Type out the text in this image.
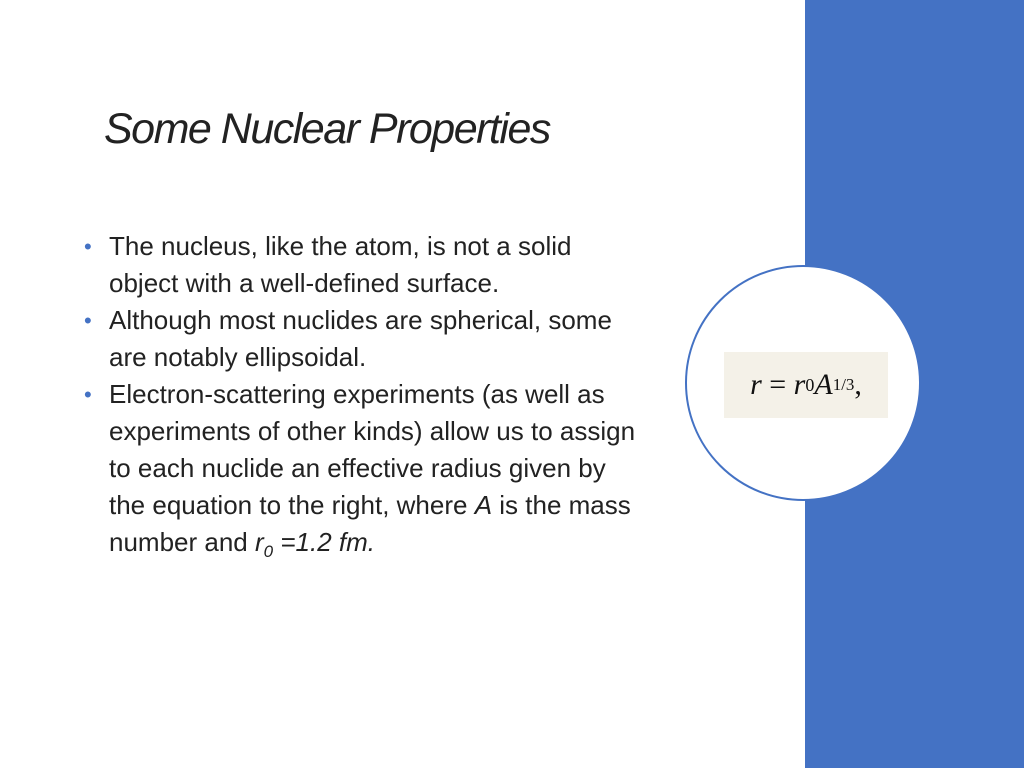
Some Nuclear Properties
• The nucleus, like the atom, is not a solid object with a well-defined surface.
• Although most nuclides are spherical, some are notably ellipsoidal.
• Electron-scattering experiments (as well as experiments of other kinds) allow us to assign to each nuclide an effective radius given by the equation to the right, where A is the mass number and $r_0 =1.2$ fm.
r = r 0 A 1/3 ,
